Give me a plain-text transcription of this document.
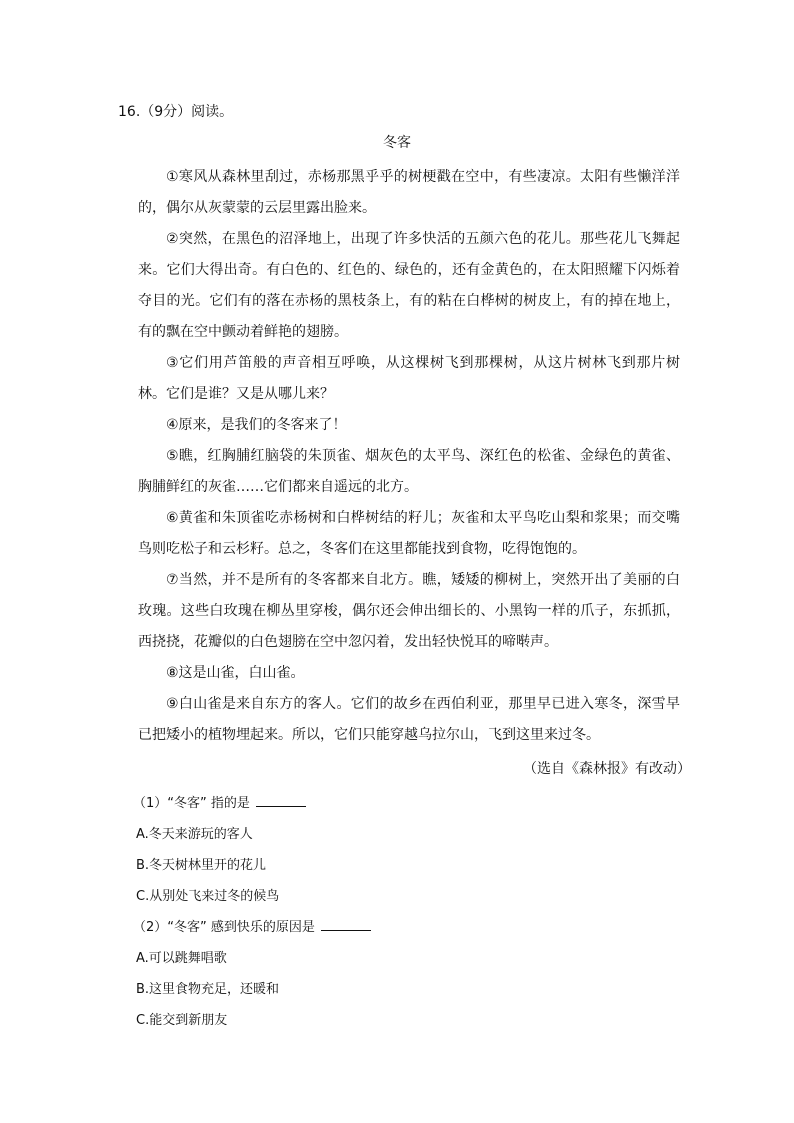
16.（9分）阅读。
冬客

①寒风从森林里刮过，赤杨那黑乎乎的树梗戳在空中，有些凄凉。太阳有些懒洋洋的，偶尔从灰蒙蒙的云层里露出脸来。

②突然，在黑色的沼泽地上，出现了许多快活的五颜六色的花儿。那些花儿飞舞起来。它们大得出奇。有白色的、红色的、绿色的，还有金黄色的，在太阳照耀下闪烁着夺目的光。它们有的落在赤杨的黑枝条上，有的粘在白桦树的树皮上，有的掉在地上，有的飘在空中颤动着鲜艳的翅膀。

③它们用芦笛般的声音相互呼唤，从这棵树飞到那棵树，从这片树林飞到那片树林。它们是谁？又是从哪儿来？

④原来，是我们的冬客来了！

⑤瞧，红胸脯红脑袋的朱顶雀、烟灰色的太平鸟、深红色的松雀、金绿色的黄雀、胸脯鲜红的灰雀……它们都来自遥远的北方。

⑥黄雀和朱顶雀吃赤杨树和白桦树结的籽儿；灰雀和太平鸟吃山梨和浆果；而交嘴鸟则吃松子和云杉籽。总之，冬客们在这里都能找到食物，吃得饱饱的。

⑦当然，并不是所有的冬客都来自北方。瞧，矮矮的柳树上，突然开出了美丽的白玫瑰。这些白玫瑰在柳丛里穿梭，偶尔还会伸出细长的、小黑钩一样的爪子，东抓抓，西挠挠，花瓣似的白色翅膀在空中忽闪着，发出轻快悦耳的啼啭声。

⑧这是山雀，白山雀。

⑨白山雀是来自东方的客人。它们的故乡在西伯利亚，那里早已进入寒冬，深雪早已把矮小的植物埋起来。所以，它们只能穿越乌拉尔山，飞到这里来过冬。

（选自《森林报》有改动）

（1）“冬客” 指的是

A.冬天来游玩的客人

B.冬天树林里开的花儿

C.从别处飞来过冬的候鸟

（2）“冬客” 感到快乐的原因是

A.可以跳舞唱歌

B.这里食物充足，还暖和

C.能交到新朋友
